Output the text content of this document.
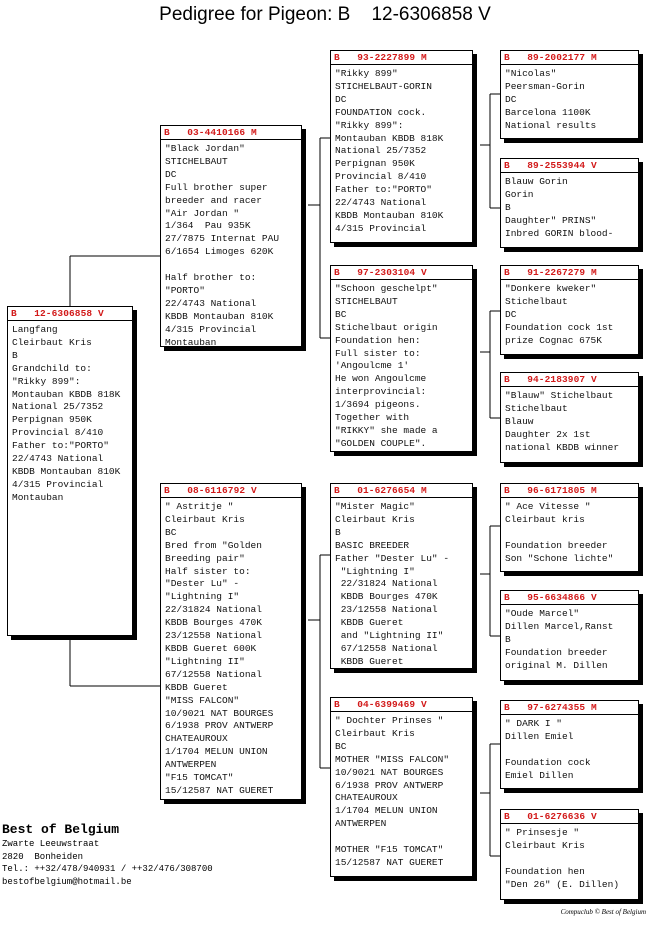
Pedigree for Pigeon: B    12-6306858 V
B   12-6306858 V
Langfang
Cleirbaut Kris
B
Grandchild to:
"Rikky 899":
Montauban KBDB 818K
National 25/7352
Perpignan 950K
Provincial 8/410
Father to:"PORTO"
22/4743 National
KBDB Montauban 810K
4/315 Provincial
Montauban
B   03-4410166 M
"Black Jordan"
STICHELBAUT
DC
Full brother super
breeder and racer
"Air Jordan "
1/364  Pau 935K
27/7875 Internat PAU
6/1654 Limoges 620K

Half brother to:
"PORTO"
22/4743 National
KBDB Montauban 810K
4/315 Provincial
Montauban
B   08-6116792 V
" Astritje "
Cleirbaut Kris
BC
Bred from "Golden
Breeding pair"
Half sister to:
"Dester Lu" -
"Lightning I"
22/31824 National
KBDB Bourges 470K
23/12558 National
KBDB Gueret 600K
"Lightning II"
67/12558 National
KBDB Gueret
"MISS FALCON"
10/9021 NAT BOURGES
6/1938 PROV ANTWERP
CHATEAUROUX
1/1704 MELUN UNION
ANTWERPEN
"F15 TOMCAT"
15/12587 NAT GUERET
B   93-2227899 M
"Rikky 899"
STICHELBAUT-GORIN
DC
FOUNDATION cock.
"Rikky 899":
Montauban KBDB 818K
National 25/7352
Perpignan 950K
Provincial 8/410
Father to:"PORTO"
22/4743 National
KBDB Montauban 810K
4/315 Provincial
B   97-2303104 V
"Schoon geschelpt"
STICHELBAUT
BC
Stichelbaut origin
Foundation hen:
Full sister to:
'Angoulcme 1'
He won Angoulcme
interprovincial:
1/3694 pigeons.
Together with
"RIKKY" she made a
"GOLDEN COUPLE".
B   01-6276654 M
"Mister Magic"
Cleirbaut Kris
B
BASIC BREEDER
Father "Dester Lu" -
"Lightning I"
22/31824 National
KBDB Bourges 470K
23/12558 National
KBDB Gueret
and "Lightning II"
67/12558 National
KBDB Gueret
B   04-6399469 V
" Dochter Prinses "
Cleirbaut Kris
BC
MOTHER "MISS FALCON"
10/9021 NAT BOURGES
6/1938 PROV ANTWERP
CHATEAUROUX
1/1704 MELUN UNION
ANTWERPEN

MOTHER "F15 TOMCAT"
15/12587 NAT GUERET
B   89-2002177 M
"Nicolas"
Peersman-Gorin
DC
Barcelona 1100K
National results
B   89-2553944 V
Blauw Gorin
Gorin
B
Daughter" PRINS"
Inbred GORIN blood-
B   91-2267279 M
"Donkere kweker"
Stichelbaut
DC
Foundation cock 1st
prize Cognac 675K
B   94-2183907 V
"Blauw" Stichelbaut
Stichelbaut
Blauw
Daughter 2x 1st
national KBDB winner
B   96-6171805 M
" Ace Vitesse "
Cleirbaut kris

Foundation breeder
Son "Schone lichte"
B   95-6634866 V
"Oude Marcel"
Dillen Marcel,Ranst
B
Foundation breeder
original M. Dillen
B   97-6274355 M
" DARK I "
Dillen Emiel

Foundation cock
Emiel Dillen
B   01-6276636 V
" Prinsesje "
Cleirbaut Kris

Foundation hen
"Den 26" (E. Dillen)
Best of Belgium
Zwarte Leeuwstraat
2820  Bonheiden
Tel.: ++32/478/940931 / ++32/476/308700
bestofbelgium@hotmail.be
Compuclub © Best of Belgium
